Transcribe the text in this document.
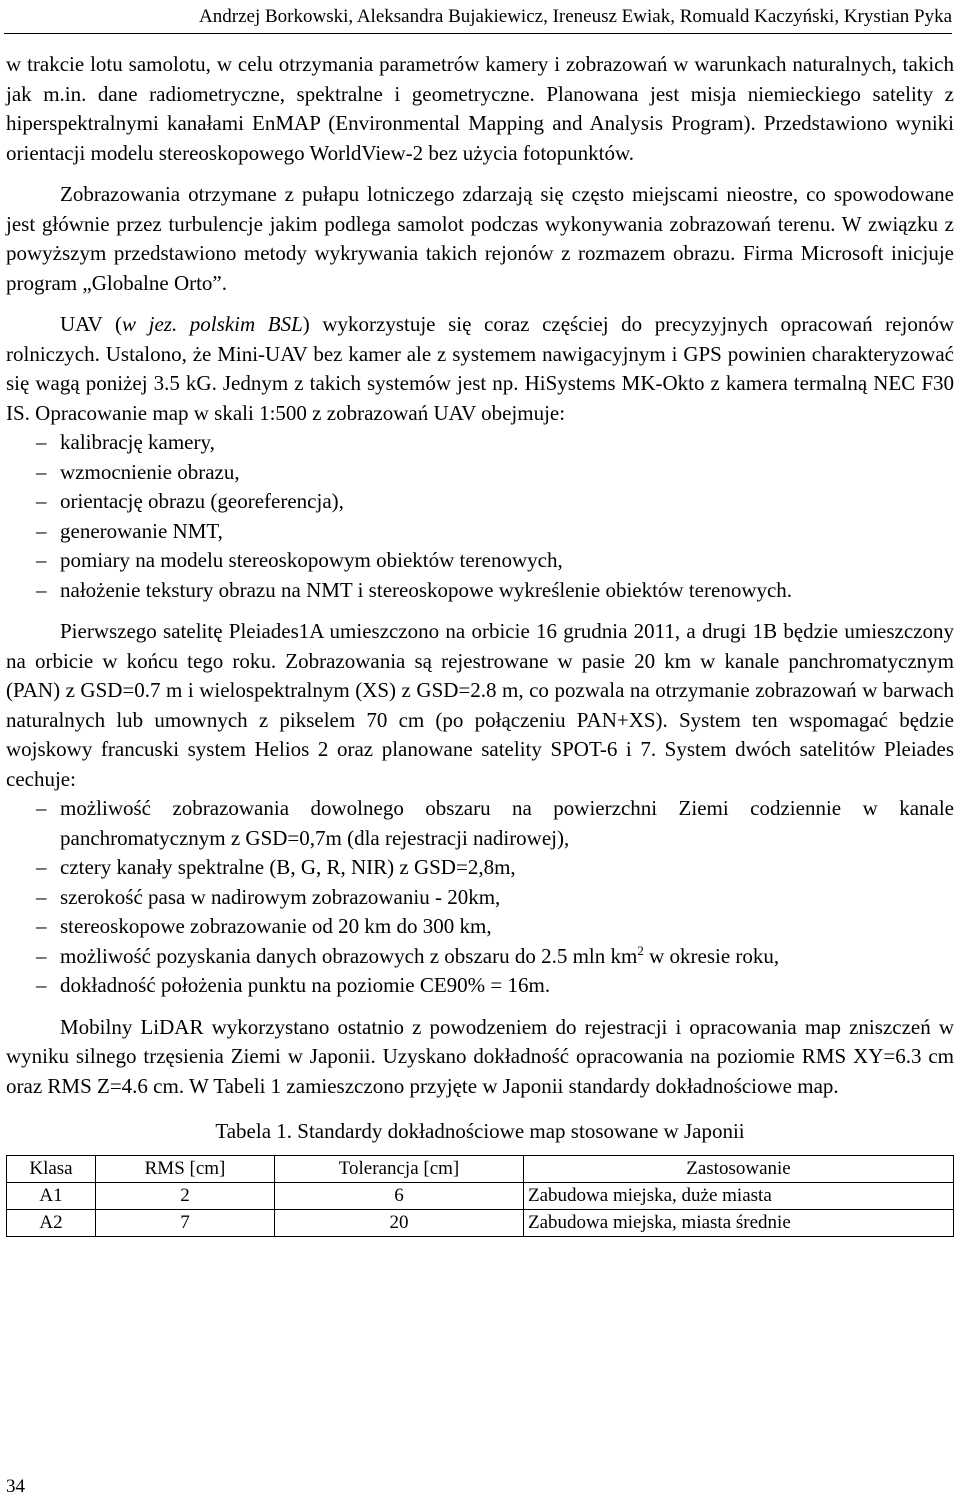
Andrzej Borkowski, Aleksandra Bujakiewicz, Ireneusz Ewiak, Romuald Kaczyński, Krystian Pyka

w trakcie lotu samolotu, w celu otrzymania parametrów kamery i zobrazowań w warunkach naturalnych, takich jak m.in. dane radiometryczne, spektralne i geometryczne. Planowana jest misja niemieckiego satelity z hiperspektralnymi kanałami EnMAP (Environmental Mapping and Analysis Program). Przedstawiono wyniki orientacji modelu stereoskopowego WorldView-2 bez użycia fotopunktów.

Zobrazowania otrzymane z pułapu lotniczego zdarzają się często miejscami nieostre, co spowodowane jest głównie przez turbulencje jakim podlega samolot podczas wykonywania zobrazowań terenu. W związku z powyższym przedstawiono metody wykrywania takich rejonów z rozmazem obrazu. Firma Microsoft inicjuje program „Globalne Orto”.

UAV (w jez. polskim BSL) wykorzystuje się coraz częściej do precyzyjnych opracowań rejonów rolniczych. Ustalono, że Mini-UAV bez kamer ale z systemem nawigacyjnym i GPS powinien charakteryzować się wagą poniżej 3.5 kG. Jednym z takich systemów jest np. HiSystems MK-Okto z kamera termalną NEC F30 IS. Opracowanie map w skali 1:500 z zobrazowań UAV obejmuje:

– kalibrację kamery,
– wzmocnienie obrazu,
– orientację obrazu (georeferencja),
– generowanie NMT,
– pomiary na modelu stereoskopowym obiektów terenowych,
– nałożenie tekstury obrazu na NMT i stereoskopowe wykreślenie obiektów terenowych.

Pierwszego satelitę Pleiades1A umieszczono na orbicie 16 grudnia 2011, a drugi 1B będzie umieszczony na orbicie w końcu tego roku. Zobrazowania są rejestrowane w pasie 20 km w kanale panchromatycznym (PAN) z GSD=0.7 m i wielospektralnym (XS) z GSD=2.8 m, co pozwala na otrzymanie zobrazowań w barwach naturalnych lub umownych z pikselem 70 cm (po połączeniu PAN+XS). System ten wspomagać będzie wojskowy francuski system Helios 2 oraz planowane satelity SPOT-6 i 7. System dwóch satelitów Pleiades cechuje:

– możliwość zobrazowania dowolnego obszaru na powierzchni Ziemi codziennie w kanale panchromatycznym z GSD=0,7m (dla rejestracji nadirowej),
– cztery kanały spektralne (B, G, R, NIR) z GSD=2,8m,
– szerokość pasa w nadirowym zobrazowaniu - 20km,
– stereoskopowe zobrazowanie od 20 km do 300 km,
– możliwość pozyskania danych obrazowych z obszaru do 2.5 mln $km^2$ w okresie roku,
– dokładność położenia punktu na poziomie CE90% = 16m.

Mobilny LiDAR wykorzystano ostatnio z powodzeniem do rejestracji i opracowania map zniszczeń w wyniku silnego trzęsienia Ziemi w Japonii. Uzyskano dokładność opracowania na poziomie RMS XY=6.3 cm oraz RMS Z=4.6 cm. W Tabeli 1 zamieszczono przyjęte w Japonii standardy dokładnościowe map.

Tabela 1. Standardy dokładnościowe map stosowane w Japonii
Klasa	RMS [cm]	Tolerancja [cm]	Zastosowanie
A1	2	6	Zabudowa miejska, duże miasta
A2	7	20	Zabudowa miejska, miasta średnie
34
